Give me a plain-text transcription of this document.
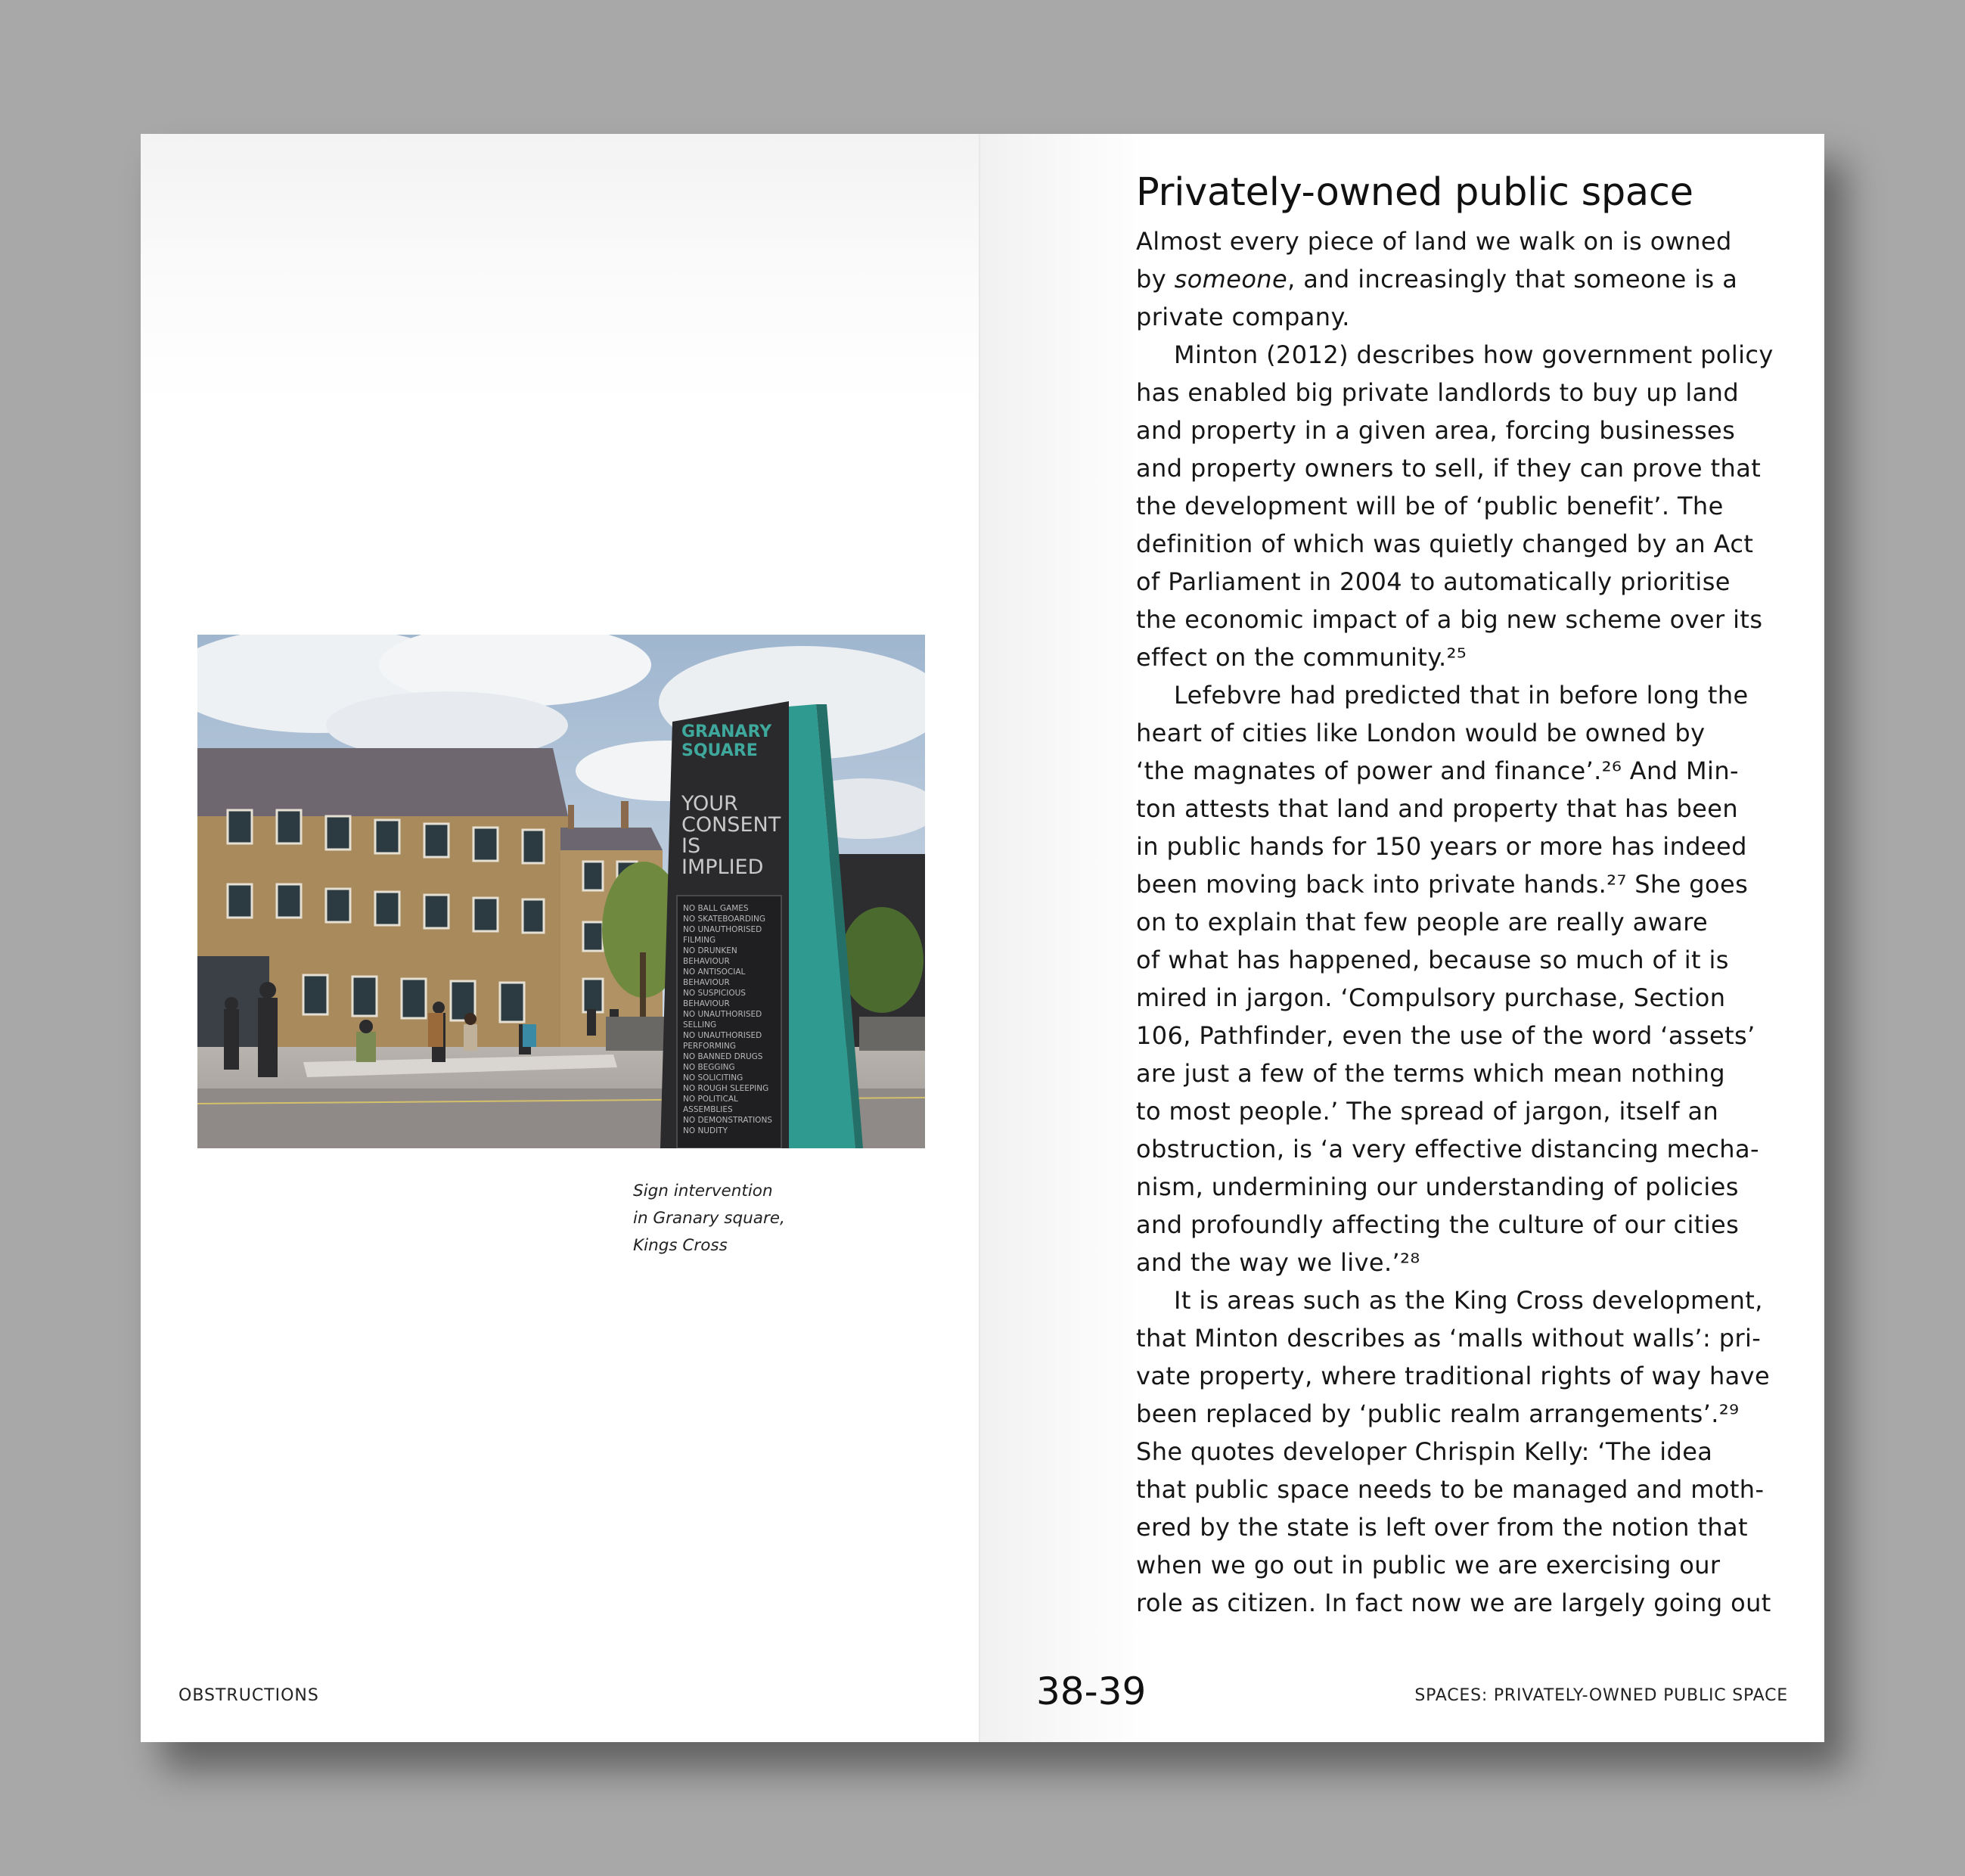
GRANARY
SQUARE
YOUR
CONSENT
IS
IMPLIED
NO BALL GAMES
NO SKATEBOARDING
NO UNAUTHORISED
FILMING
NO DRUNKEN
BEHAVIOUR
NO ANTISOCIAL
BEHAVIOUR
NO SUSPICIOUS
BEHAVIOUR
NO UNAUTHORISED
SELLING
NO UNAUTHORISED
PERFORMING
NO BANNED DRUGS
NO BEGGING
NO SOLICITING
NO ROUGH SLEEPING
NO POLITICAL
ASSEMBLIES
NO DEMONSTRATIONS
NO NUDITY
Sign intervention
in Granary square,
Kings Cross
Privately-owned public space
Almost every piece of land we walk on is owned
by someone, and increasingly that someone is a
private company.
Minton (2012) describes how government policy
has enabled big private landlords to buy up land
and property in a given area, forcing businesses
and property owners to sell, if they can prove that
the development will be of ‘public benefit’. The
definition of which was quietly changed by an Act
of Parliament in 2004 to automatically prioritise
the economic impact of a big new scheme over its
effect on the community.²⁵
Lefebvre had predicted that in before long the
heart of cities like London would be owned by
‘the magnates of power and finance’.²⁶ And Min-
ton attests that land and property that has been
in public hands for 150 years or more has indeed
been moving back into private hands.²⁷ She goes
on to explain that few people are really aware
of what has happened, because so much of it is
mired in jargon. ‘Compulsory purchase, Section
106, Pathfinder, even the use of the word ‘assets’
are just a few of the terms which mean nothing
to most people.’ The spread of jargon, itself an
obstruction, is ‘a very effective distancing mecha-
nism, undermining our understanding of policies
and profoundly affecting the culture of our cities
and the way we live.’²⁸
It is areas such as the King Cross development,
that Minton describes as ‘malls without walls’: pri-
vate property, where traditional rights of way have
been replaced by ‘public realm arrangements’.²⁹
She quotes developer Chrispin Kelly: ‘The idea
that public space needs to be managed and moth-
ered by the state is left over from the notion that
when we go out in public we are exercising our
role as citizen. In fact now we are largely going out
OBSTRUCTIONS	38-39	SPACES: PRIVATELY-OWNED PUBLIC SPACE
